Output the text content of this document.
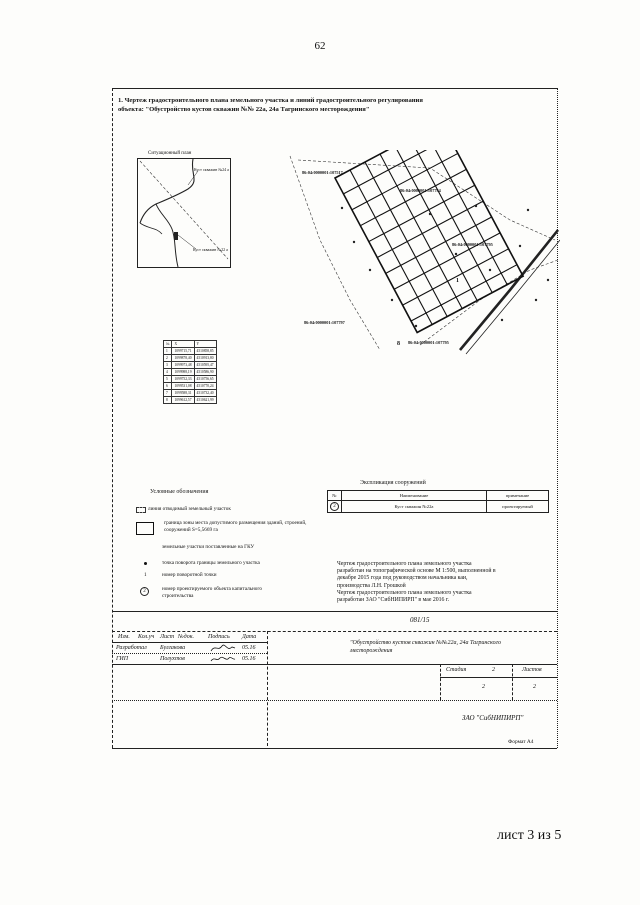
62
1. Чертеж градостроительного плана земельного участка и линий градостроительного регулирования
объекта: "Обустройство кустов скважин №№ 22а, 24а Тагринского месторождения"
Ситуационный план
Куст скважин №24 а
Куст скважин №22 а
№	X	Y
1	1099715,71	4510858,85
2	1099878,40	4510913,80
3	1099973,48	4510595,47
4	1099988,19	4510586,90
5	1099752,33	4510756,65
6	1099531,08	4510770,24
7	1099588,31	4510732,40
8	1099612,57	4510621,99
86:04:0000001:107517
86:04:0000001:107794
86:04:0000001:107795
86:04:0000001:107797
86:04:0000001:107795
1
8
Условные обозначения
линия отводимый земельный участок
граница зоны места допустимого размещения зданий, строений, сооружений S=5,5669 га
земельные участки поставленные на ГКУ
точка поворота границы земельного участка
1	номер поворотной точки
2	номер проектируемого объекта капитального строительства
Экспликация сооружений
№	Наименование	примечание
2	Куст скважин №22а	проектируемый
Чертеж градостроительного плана земельного участка
разработан на топографической основе М 1:500, выполненной в
декабре 2015 года под руководством начальника каи,
производства Л.Н. Грошкой
Чертеж градостроительного плана земельного участка
разработан ЗАО "СибНИПИРП" в мае 2016 г.
081/15
"Обустройство кустов скважин №№22а, 24а Тагринского месторождения
Изм. Кол.уч Лист №док. Подпись Дата
Разработал Булгакова	05.16
ГИП	Полухтов	05.16
Стадия	2	Листов
2	2
ЗАО "СибНИПИРП"
Формат А4
лист 3 из 5
